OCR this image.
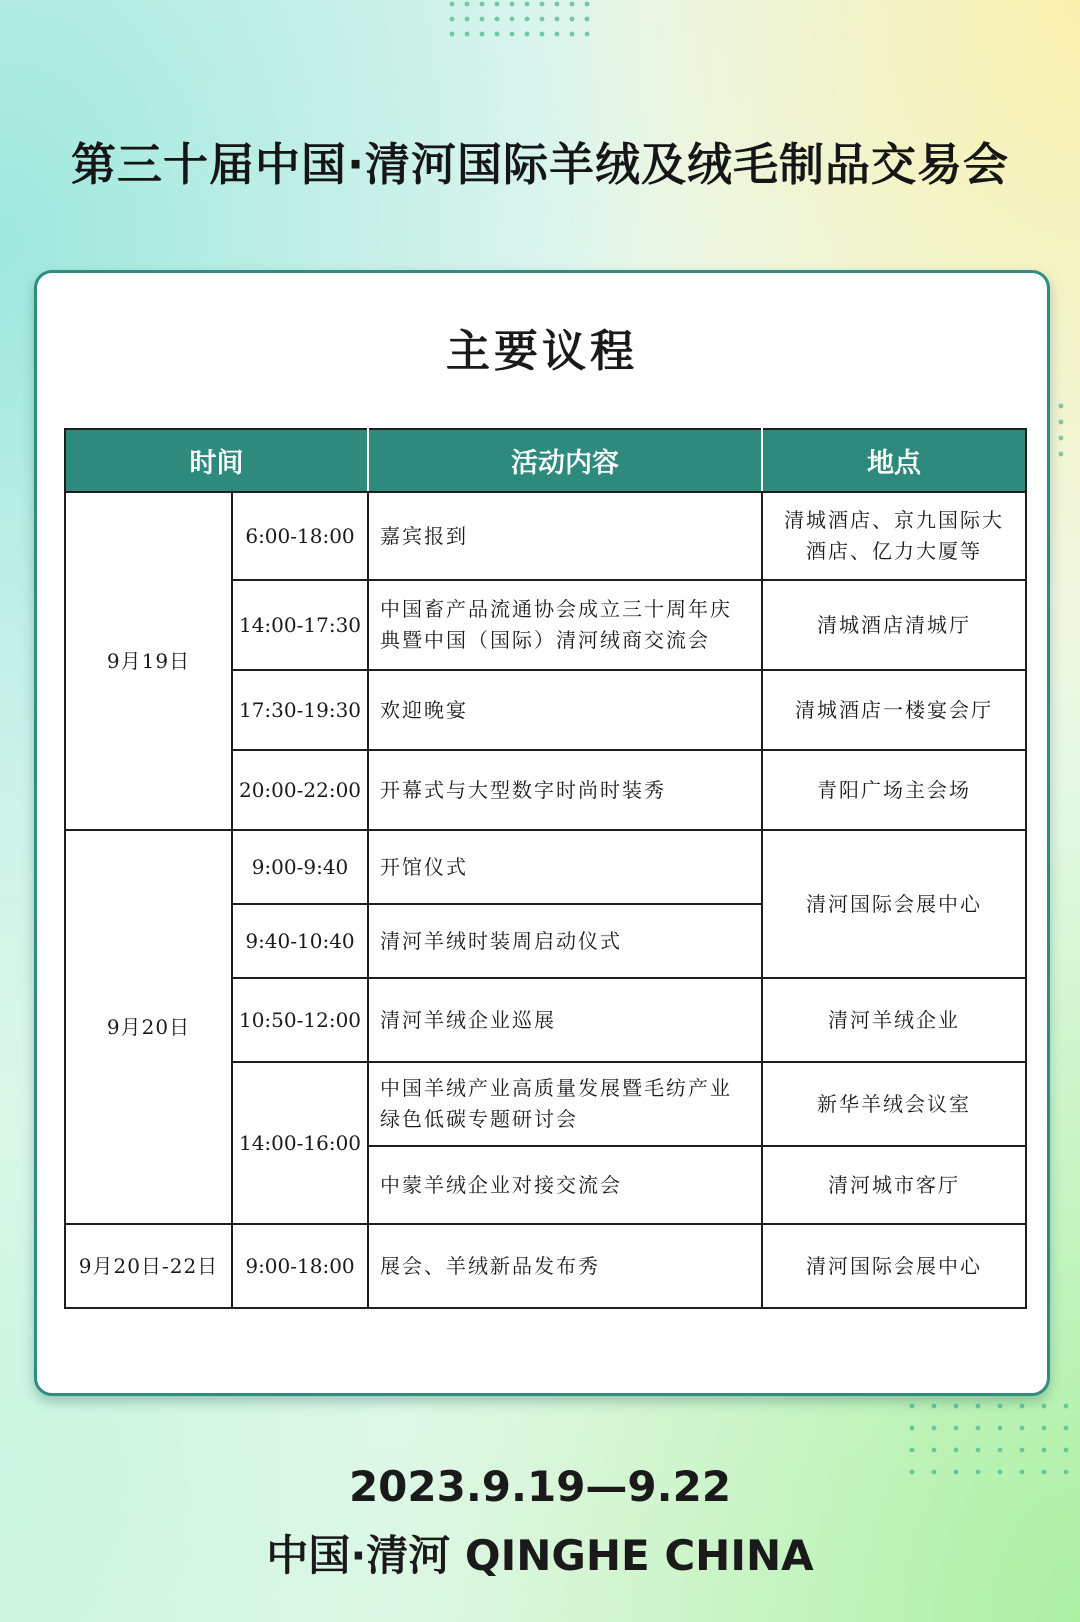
第三十届中国·清河国际羊绒及绒毛制品交易会
主要议程
时间		活动内容	地点
9月19日	6:00-18:00	嘉宾报到	清城酒店、京九国际大酒店、亿力大厦等
	14:00-17:30	中国畜产品流通协会成立三十周年庆典暨中国（国际）清河绒商交流会	清城酒店清城厅
	17:30-19:30	欢迎晚宴	清城酒店一楼宴会厅
	20:00-22:00	开幕式与大型数字时尚时装秀	青阳广场主会场
9月20日	9:00-9:40	开馆仪式	清河国际会展中心
	9:40-10:40	清河羊绒时装周启动仪式	
	10:50-12:00	清河羊绒企业巡展	清河羊绒企业
	14:00-16:00	中国羊绒产业高质量发展暨毛纺产业绿色低碳专题研讨会	新华羊绒会议室
		中蒙羊绒企业对接交流会	清河城市客厅
9月20日-22日	9:00-18:00	展会、羊绒新品发布秀	清河国际会展中心
2023.9.19—9.22
中国·清河 QINGHE CHINA
